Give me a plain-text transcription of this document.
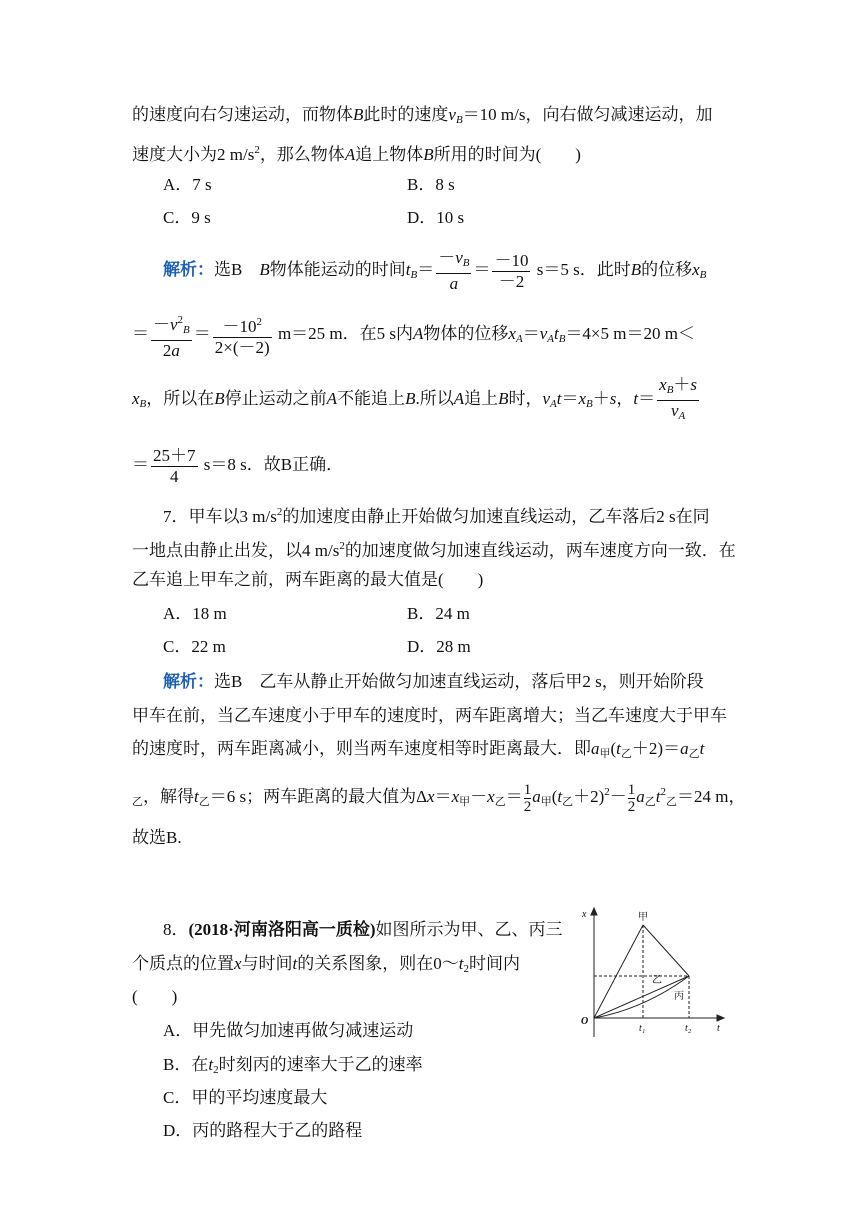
的速度向右匀速运动，而物体B此时的速度$v_B=10$ m/s，向右做匀减速运动，加
速度大小为2 $m/s^2$，那么物体A追上物体B所用的时间为(　　)
A．7 s	B．8 s
C．9 s	D．10 s
解析：选B　B物体能运动的时间$t_B= \frac{-v_B}{a} = \frac{-10}{-2} s=5$ s．此时B的位移$x_B$
＝ $\frac{-v^2_B}{2a} = \frac{-10^2}{2\times(-2)} m=25$ m．在5 s内A物体的位移$x_A=v_At_B=4\times 5$ m＝20 m＜
$x_B$，所以在B停止运动之前A不能追上B.所以A追上B时，$v_At=x_B+s$，$t= \frac{x_B+s}{v_A}$
＝ $\frac{25+7}{4} s=8$ s．故B正确．
7．甲车以3 $m/s^2$的加速度由静止开始做匀加速直线运动，乙车落后2 s在同
一地点由静止出发，以4 $m/s^2$的加速度做匀加速直线运动，两车速度方向一致．在
乙车追上甲车之前，两车距离的最大值是(　　)
A．18 m	B．24 m
C．22 m	D．28 m
解析：选B　乙车从静止开始做匀加速直线运动，落后甲2 s，则开始阶段
甲车在前，当乙车速度小于甲车的速度时，两车距离增大；当乙车速度大于甲车
的速度时，两车距离减小，则当两车速度相等时距离最大．即$a_甲(t_乙+2)=a_乙t$
$_乙$，解得$t_乙=6$ s；两车距离的最大值为$\Delta x=x_甲-x_乙= \frac{1}{2} a_甲(t_乙+2)^2- \frac{1}{2} a_乙t^2_乙=24$ m，
故选B.
8．(2018·河南洛阳高一质检)如图所示为甲、乙、丙三
个质点的位置x与时间t的关系图象，则在$0\sim t_2$时间内
(　　)
A．甲先做匀加速再做匀减速运动
B．在$t_2$时刻丙的速率大于乙的速率
C．甲的平均速度最大
D．丙的路程大于乙的路程
x
t
O
t₁	t₂
甲
乙
丙
